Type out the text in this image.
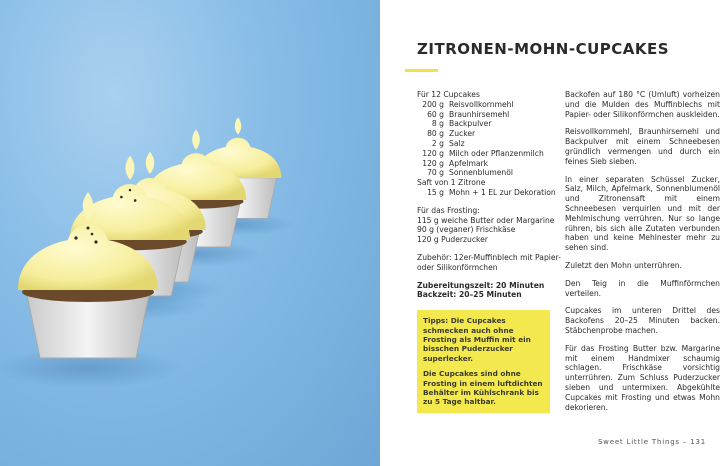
ZITRONEN-MOHN-CUPCAKES
Für 12 Cupcakes
200 g Reisvollkornmehl
60 g Braunhirsemehl
8 g Backpulver
80 g Zucker
2 g Salz
120 g Milch oder Pflanzenmilch
120 g Apfelmark
70 g Sonnenblumenöl
Saft von 1 Zitrone
15 g Mohn + 1 EL zur Dekoration
Für das Frosting:
115 g weiche Butter oder Margarine
90 g (veganer) Frischkäse
120 g Puderzucker
Zubehör: 12er-Muffinblech mit Papier-
oder Silikonförmchen
Zubereitungszeit: 20 Minuten
Backzeit: 20–25 Minuten

Tipps: Die Cupcakes schmecken auch ohne Frosting als Muffin mit ein bisschen Puderzucker superlecker.

Die Cupcakes sind ohne Frosting in einem luftdichten Behälter im Kühlschrank bis zu 5 Tage haltbar.

Backofen auf 180 °C (Umluft) vorheizen und die Mulden des Muffinblechs mit Papier- oder Silikonförmchen auskleiden.

Reisvollkornmehl, Braunhirsemehl und Backpulver mit einem Schneebesen gründlich vermengen und durch ein feines Sieb sieben.

In einer separaten Schüssel Zucker, Salz, Milch, Apfelmark, Sonnenblumenöl und Zitronensaft mit einem Schneebesen verquirlen und mit der Mehlmischung verrühren. Nur so lange rühren, bis sich alle Zutaten verbunden haben und keine Mehlnester mehr zu sehen sind.

Zuletzt den Mohn unterrühren.

Den Teig in die Muffinförmchen verteilen.

Cupcakes im unteren Drittel des Backofens 20–25 Minuten backen. Stäbchenprobe machen.

Für das Frosting Butter bzw. Margarine mit einem Handmixer schaumig schlagen. Frischkäse vorsichtig unterrühren. Zum Schluss Puderzucker sieben und untermixen. Abgekühlte Cupcakes mit Frosting und etwas Mohn dekorieren.

Sweet Little Things – 131
